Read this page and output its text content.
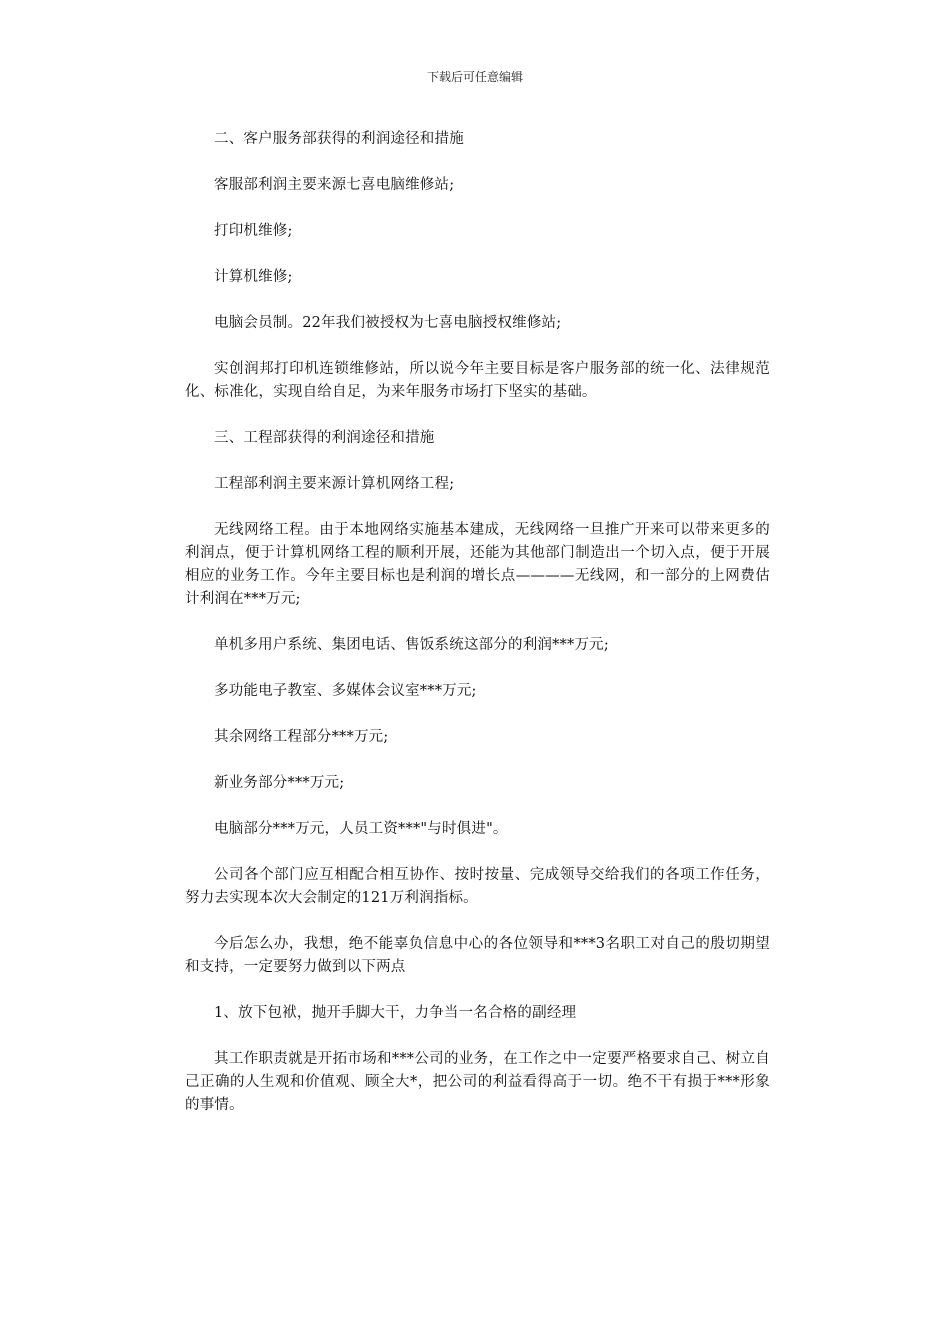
下载后可任意编辑

二、客户服务部获得的利润途径和措施

客服部利润主要来源七喜电脑维修站;

打印机维修;

计算机维修;

电脑会员制。22年我们被授权为七喜电脑授权维修站;

实创润邦打印机连锁维修站，所以说今年主要目标是客户服务部的统一化、法律规范化、标准化，实现自给自足，为来年服务市场打下坚实的基础。

三、工程部获得的利润途径和措施

工程部利润主要来源计算机网络工程;

无线网络工程。由于本地网络实施基本建成，无线网络一旦推广开来可以带来更多的利润点，便于计算机网络工程的顺利开展，还能为其他部门制造出一个切入点，便于开展相应的业务工作。今年主要目标也是利润的增长点————无线网，和一部分的上网费估计利润在***万元;

单机多用户系统、集团电话、售饭系统这部分的利润***万元;

多功能电子教室、多媒体会议室***万元;

其余网络工程部分***万元;

新业务部分***万元;

电脑部分***万元，人员工资***"与时俱进"。

公司各个部门应互相配合相互协作、按时按量、完成领导交给我们的各项工作任务，努力去实现本次大会制定的121万利润指标。

今后怎么办，我想，绝不能辜负信息中心的各位领导和***3名职工对自己的殷切期望和支持，一定要努力做到以下两点

1、放下包袱，抛开手脚大干，力争当一名合格的副经理

其工作职责就是开拓市场和***公司的业务，在工作之中一定要严格要求自己、树立自己正确的人生观和价值观、顾全大*，把公司的利益看得高于一切。绝不干有损于***形象的事情。
